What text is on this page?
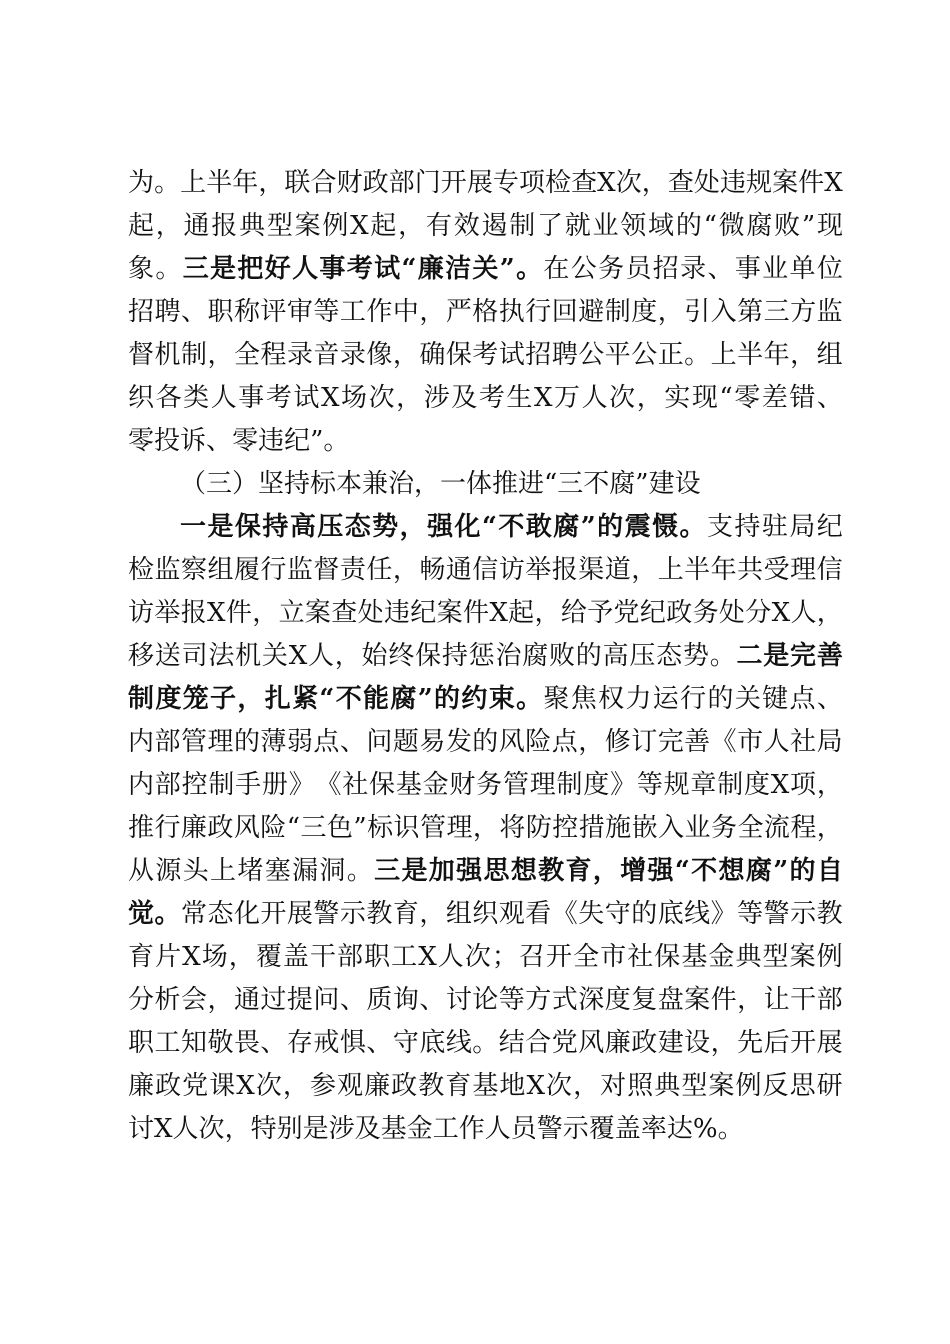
为 。 上 半 年 ， 联 合 财 政 部 门 开 展 专 项 检 查 X 次 ， 查 处 违 规 案 件 X
起 ， 通 报 典 型 案 例 X 起 ， 有 效 遏 制 了 就 业 领 域 的 “ 微 腐 败 ” 现
象 。 三 是 把 好 人 事 考 试 “ 廉 洁 关 ” 。 在 公 务 员 招 录 、 事 业 单 位
招 聘 、 职 称 评 审 等 工 作 中 ， 严 格 执 行 回 避 制 度 ， 引 入 第 三 方 监
督 机 制 ， 全 程 录 音 录 像 ， 确 保 考 试 招 聘 公 平 公 正 。 上 半 年 ， 组
织 各 类 人 事 考 试 X 场 次 ， 涉 及 考 生 X 万 人 次 ， 实 现 “ 零 差 错 、
零 投 诉 、 零 违 纪 ” 。
（三）坚持标本兼治，一体推进“三不腐”建设
一 是 保 持 高 压 态 势 ， 强 化 “ 不 敢 腐 ” 的 震 慑 。 支 持 驻 局 纪
检 监 察 组 履 行 监 督 责 任 ， 畅 通 信 访 举 报 渠 道 ， 上 半 年 共 受 理 信
访 举 报 X 件 ， 立 案 查 处 违 纪 案 件 X 起 ， 给 予 党 纪 政 务 处 分 X 人 ，
移 送 司 法 机 关 X 人 ， 始 终 保 持 惩 治 腐 败 的 高 压 态 势 。 二 是 完 善
制 度 笼 子 ， 扎 紧 “ 不 能 腐 ” 的 约 束 。 聚 焦 权 力 运 行 的 关 键 点 、
内 部 管 理 的 薄 弱 点 、 问 题 易 发 的 风 险 点 ， 修 订 完 善 《 市 人 社 局
内 部 控 制 手 册 》 《 社 保 基 金 财 务 管 理 制 度 》 等 规 章 制 度 X 项 ，
推 行 廉 政 风 险 “ 三 色 ” 标 识 管 理 ， 将 防 控 措 施 嵌 入 业 务 全 流 程 ，
从 源 头 上 堵 塞 漏 洞 。 三 是 加 强 思 想 教 育 ， 增 强 “ 不 想 腐 ” 的 自
觉 。 常 态 化 开 展 警 示 教 育 ， 组 织 观 看 《 失 守 的 底 线 》 等 警 示 教
育 片 X 场 ， 覆 盖 干 部 职 工 X 人 次 ； 召 开 全 市 社 保 基 金 典 型 案 例
分 析 会 ， 通 过 提 问 、 质 询 、 讨 论 等 方 式 深 度 复 盘 案 件 ， 让 干 部
职 工 知 敬 畏 、 存 戒 惧 、 守 底 线 。 结 合 党 风 廉 政 建 设 ， 先 后 开 展
廉 政 党 课 X 次 ， 参 观 廉 政 教 育 基 地 X 次 ， 对 照 典 型 案 例 反 思 研
讨 X 人 次 ， 特 别 是 涉 及 基 金 工 作 人 员 警 示 覆 盖 率 达 % 。
